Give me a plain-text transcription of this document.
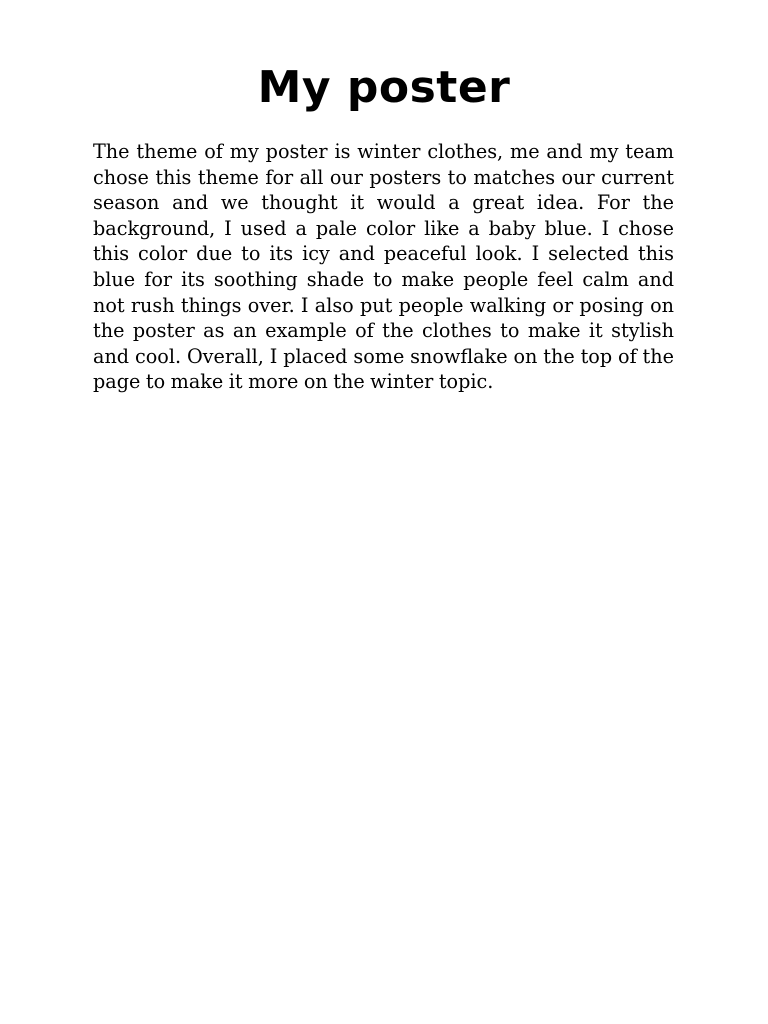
My poster

The theme of my poster is winter clothes, me and my team chose this theme for all our posters to matches our current season and we thought it would a great idea. For the background, I used a pale color like a baby blue. I chose this color due to its icy and peaceful look. I selected this blue for its soothing shade to make people feel calm and not rush things over. I also put people walking or posing on the poster as an example of the clothes to make it stylish and cool. Overall, I placed some snowflake on the top of the page to make it more on the winter topic.
